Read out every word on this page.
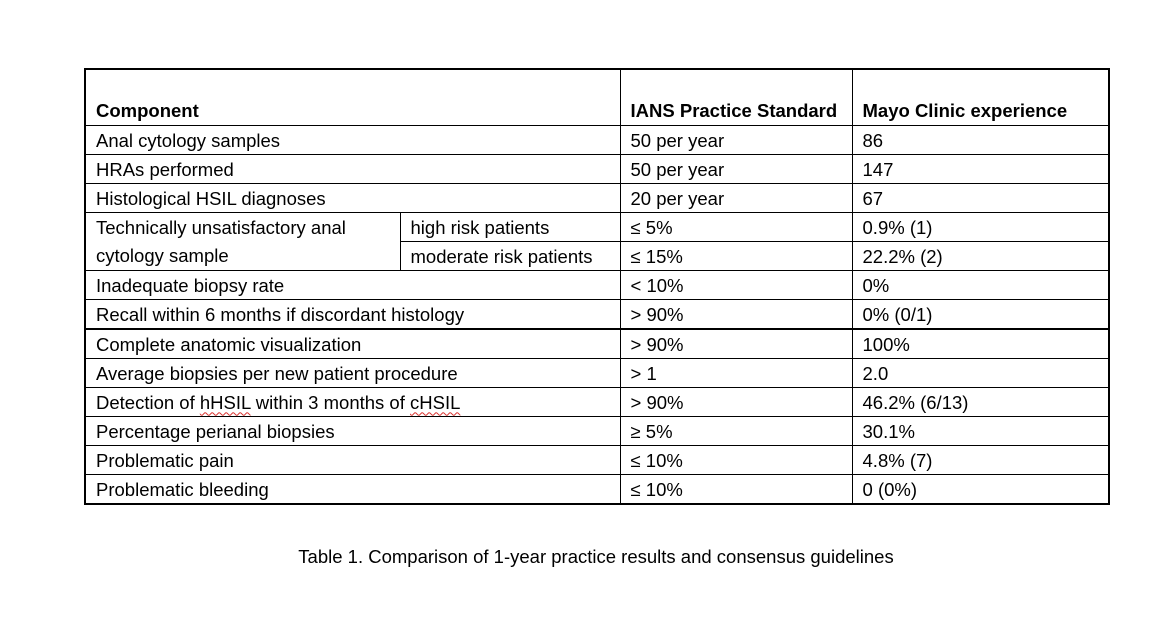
Component		IANS Practice Standard	Mayo Clinic experience
Anal cytology samples		50 per year	86
HRAs performed		50 per year	147
Histological HSIL diagnoses		20 per year	67
Technically unsatisfactory anal cytology sample	high risk patients	≤ 5%	0.9% (1)
	moderate risk patients	≤ 15%	22.2% (2)
Inadequate biopsy rate		< 10%	0%
Recall within 6 months if discordant histology		> 90%	0% (0/1)
Complete anatomic visualization		> 90%	100%
Average biopsies per new patient procedure		> 1	2.0
Detection of hHSIL within 3 months of cHSIL		> 90%	46.2% (6/13)
Percentage perianal biopsies		≥ 5%	30.1%
Problematic pain		≤ 10%	4.8% (7)
Problematic bleeding		≤ 10%	0 (0%)
Table 1. Comparison of 1-year practice results and consensus guidelines
